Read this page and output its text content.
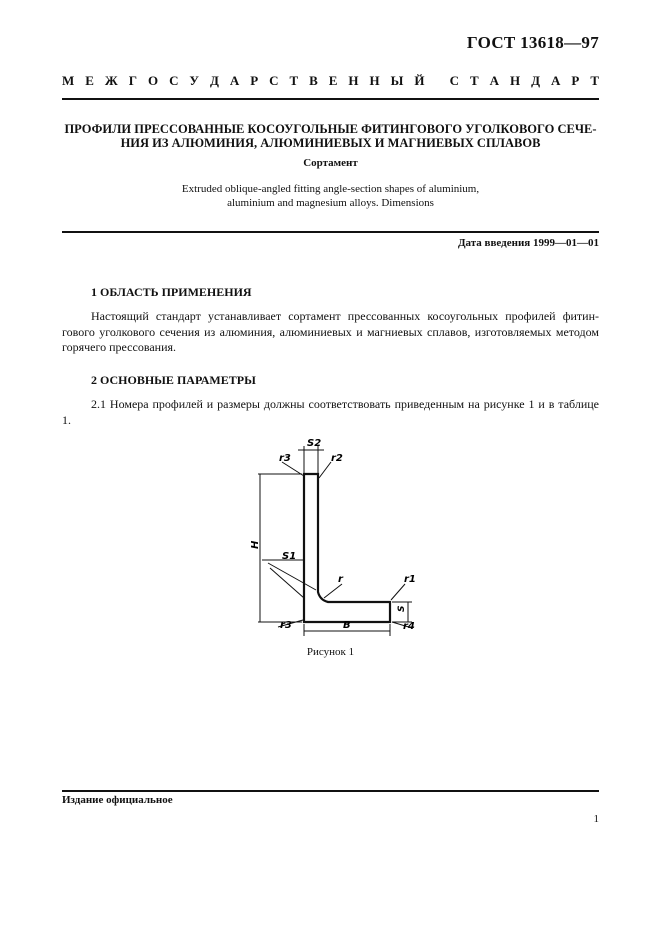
ГОСТ 13618—97
М Е Ж Г О С У Д А Р С Т В Е Н Н Ы Й
С Т А Н Д А Р Т
ПРОФИЛИ ПРЕССОВАННЫЕ КОСОУГОЛЬНЫЕ ФИТИНГОВОГО УГОЛКОВОГО СЕЧЕ-
НИЯ ИЗ АЛЮМИНИЯ, АЛЮМИНИЕВЫХ И МАГНИЕВЫХ СПЛАВОВ
Сортамент
Extruded oblique-angled fitting angle-section shapes of aluminium,
aluminium and magnesium alloys. Dimensions
Дата введения 1999—01—01
1 ОБЛАСТЬ ПРИМЕНЕНИЯ
Настоящий стандарт устанавливает сортамент прессованных косоугольных профилей фитин-гового уголкового сечения из алюминия, алюминиевых и магниевых сплавов, изготовляемых методом горячего прессования.
2 ОСНОВНЫЕ ПАРАМЕТРЫ
2.1 Номера профилей и размеры должны соответствовать приведенным на рисунке 1 и в таблице 1.
S2
r3	r2
H
S1
r	r1
S
r3	B	r4
Рисунок 1
Издание официальное
1
